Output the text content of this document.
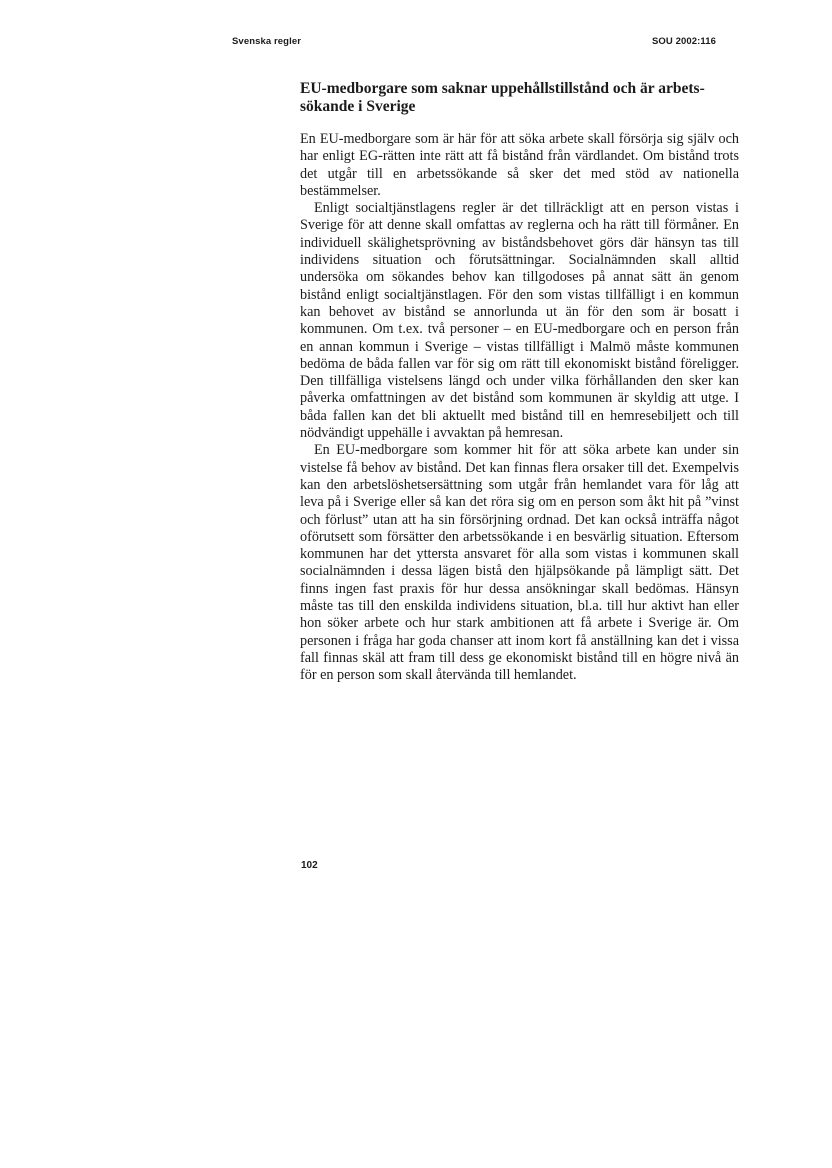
Svenska regler	SOU 2002:116
EU-medborgare som saknar uppehållstillstånd och är arbetssökande i Sverige

En EU-medborgare som är här för att söka arbete skall försörja sig själv och har enligt EG-rätten inte rätt att få bistånd från värdlandet. Om bistånd trots det utgår till en arbetssökande så sker det med stöd av nationella bestämmelser.

Enligt socialtjänstlagens regler är det tillräckligt att en person vistas i Sverige för att denne skall omfattas av reglerna och ha rätt till förmåner. En individuell skälighetsprövning av biståndsbehovet görs där hänsyn tas till individens situation och förutsättningar. Socialnämnden skall alltid undersöka om sökandes behov kan tillgodoses på annat sätt än genom bistånd enligt socialtjänstlagen. För den som vistas tillfälligt i en kommun kan behovet av bistånd se annorlunda ut än för den som är bosatt i kommunen. Om t.ex. två personer – en EU-medborgare och en person från en annan kommun i Sverige – vistas tillfälligt i Malmö måste kommunen bedöma de båda fallen var för sig om rätt till ekonomiskt bistånd föreligger. Den tillfälliga vistelsens längd och under vilka förhållanden den sker kan påverka omfattningen av det bistånd som kommunen är skyldig att utge. I båda fallen kan det bli aktuellt med bistånd till en hemresebiljett och till nödvändigt uppehälle i avvaktan på hemresan.

En EU-medborgare som kommer hit för att söka arbete kan under sin vistelse få behov av bistånd. Det kan finnas flera orsaker till det. Exempelvis kan den arbetslöshetsersättning som utgår från hemlandet vara för låg att leva på i Sverige eller så kan det röra sig om en person som åkt hit på ”vinst och förlust” utan att ha sin försörjning ordnad. Det kan också inträffa något oförutsett som försätter den arbetssökande i en besvärlig situation. Eftersom kommunen har det yttersta ansvaret för alla som vistas i kommunen skall socialnämnden i dessa lägen bistå den hjälpsökande på lämpligt sätt. Det finns ingen fast praxis för hur dessa ansökningar skall bedömas. Hänsyn måste tas till den enskilda individens situation, bl.a. till hur aktivt han eller hon söker arbete och hur stark ambitionen att få arbete i Sverige är. Om personen i fråga har goda chanser att inom kort få anställning kan det i vissa fall finnas skäl att fram till dess ge ekonomiskt bistånd till en högre nivå än för en person som skall återvända till hemlandet.

102
